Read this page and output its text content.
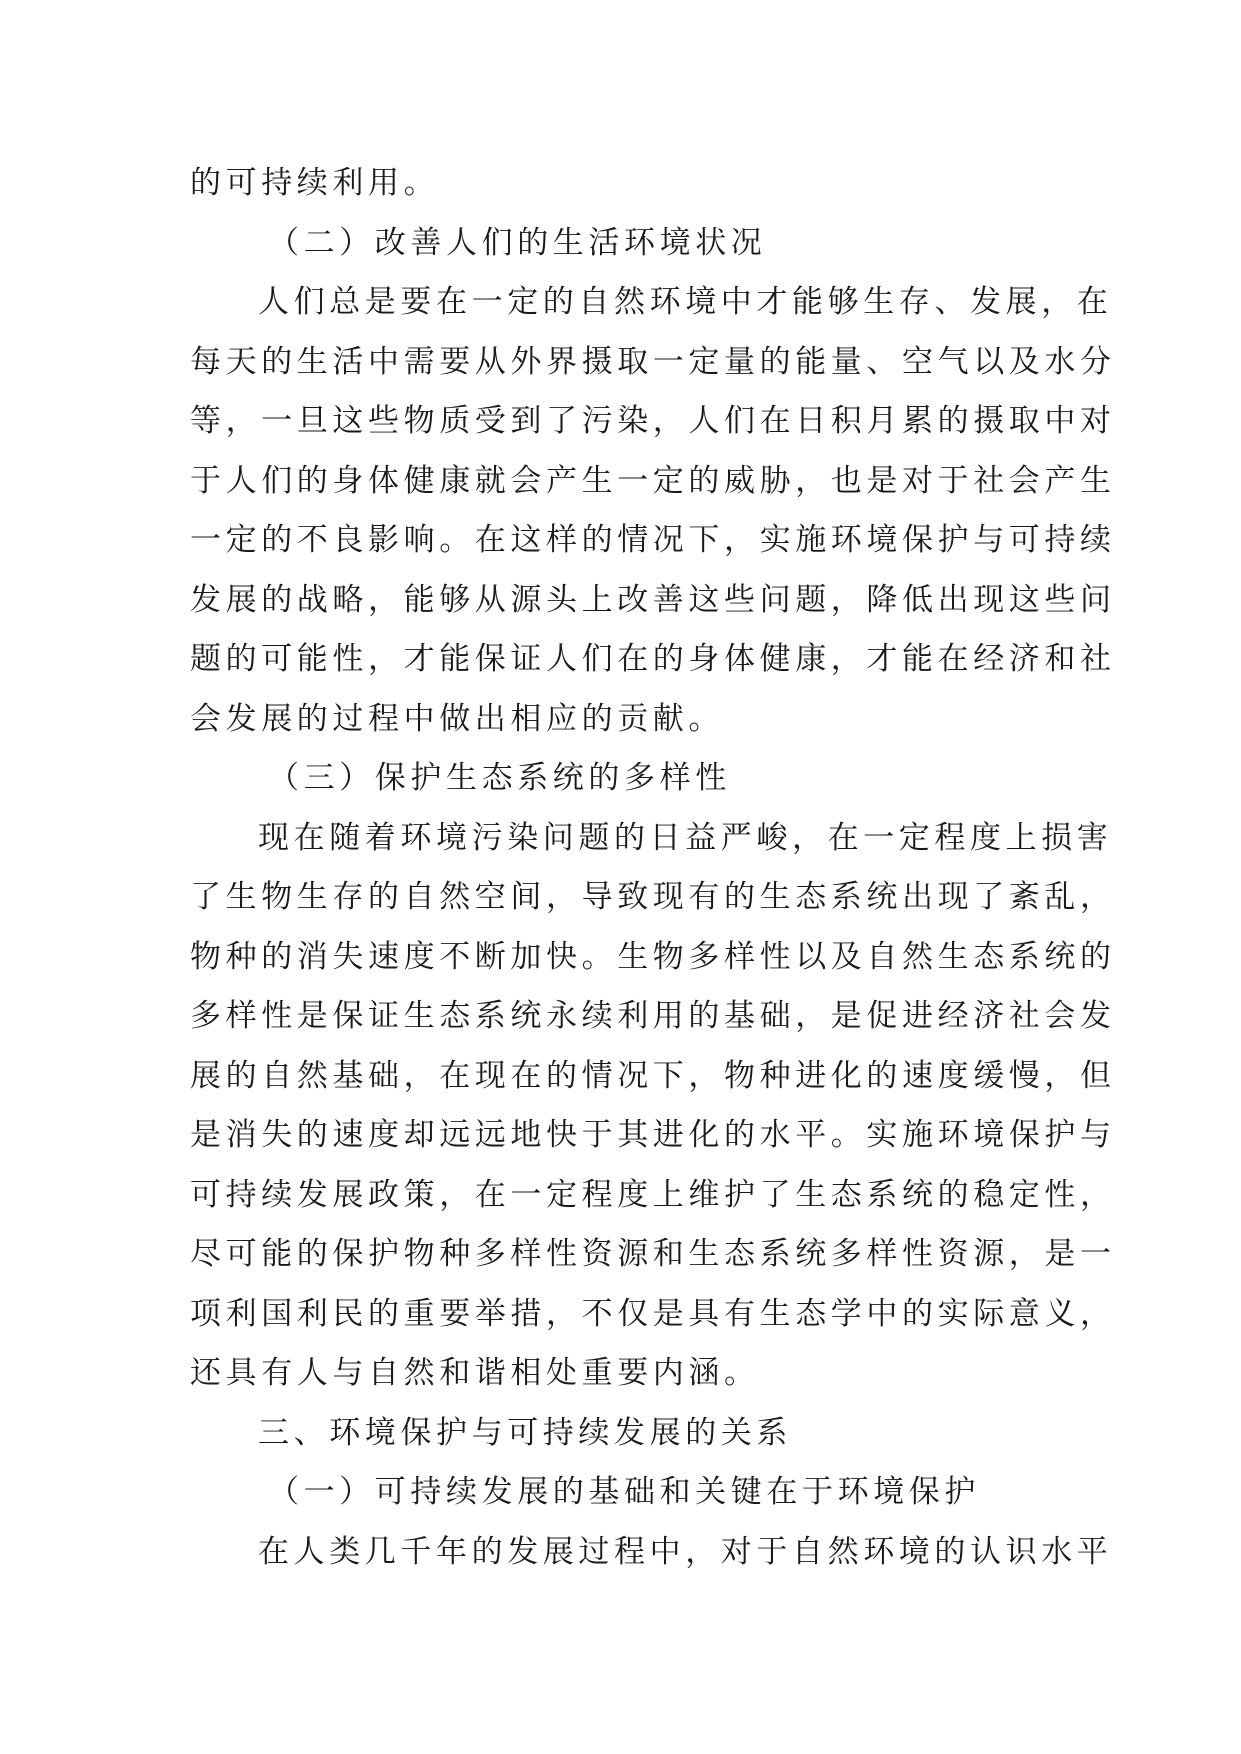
的可持续利用。
（二）改善人们的生活环境状况
人们总是要在一定的自然环境中才能够生存、发展，在
每天的生活中需要从外界摄取一定量的能量、空气以及水分
等，一旦这些物质受到了污染，人们在日积月累的摄取中对
于人们的身体健康就会产生一定的威胁，也是对于社会产生
一定的不良影响。在这样的情况下，实施环境保护与可持续
发展的战略，能够从源头上改善这些问题，降低出现这些问
题的可能性，才能保证人们在的身体健康，才能在经济和社
会发展的过程中做出相应的贡献。
（三）保护生态系统的多样性
现在随着环境污染问题的日益严峻，在一定程度上损害
了生物生存的自然空间，导致现有的生态系统出现了紊乱，
物种的消失速度不断加快。生物多样性以及自然生态系统的
多样性是保证生态系统永续利用的基础，是促进经济社会发
展的自然基础，在现在的情况下，物种进化的速度缓慢，但
是消失的速度却远远地快于其进化的水平。实施环境保护与
可持续发展政策，在一定程度上维护了生态系统的稳定性，
尽可能的保护物种多样性资源和生态系统多样性资源，是一
项利国利民的重要举措，不仅是具有生态学中的实际意义，
还具有人与自然和谐相处重要内涵。
三、环境保护与可持续发展的关系
（一）可持续发展的基础和关键在于环境保护
在人类几千年的发展过程中，对于自然环境的认识水平
